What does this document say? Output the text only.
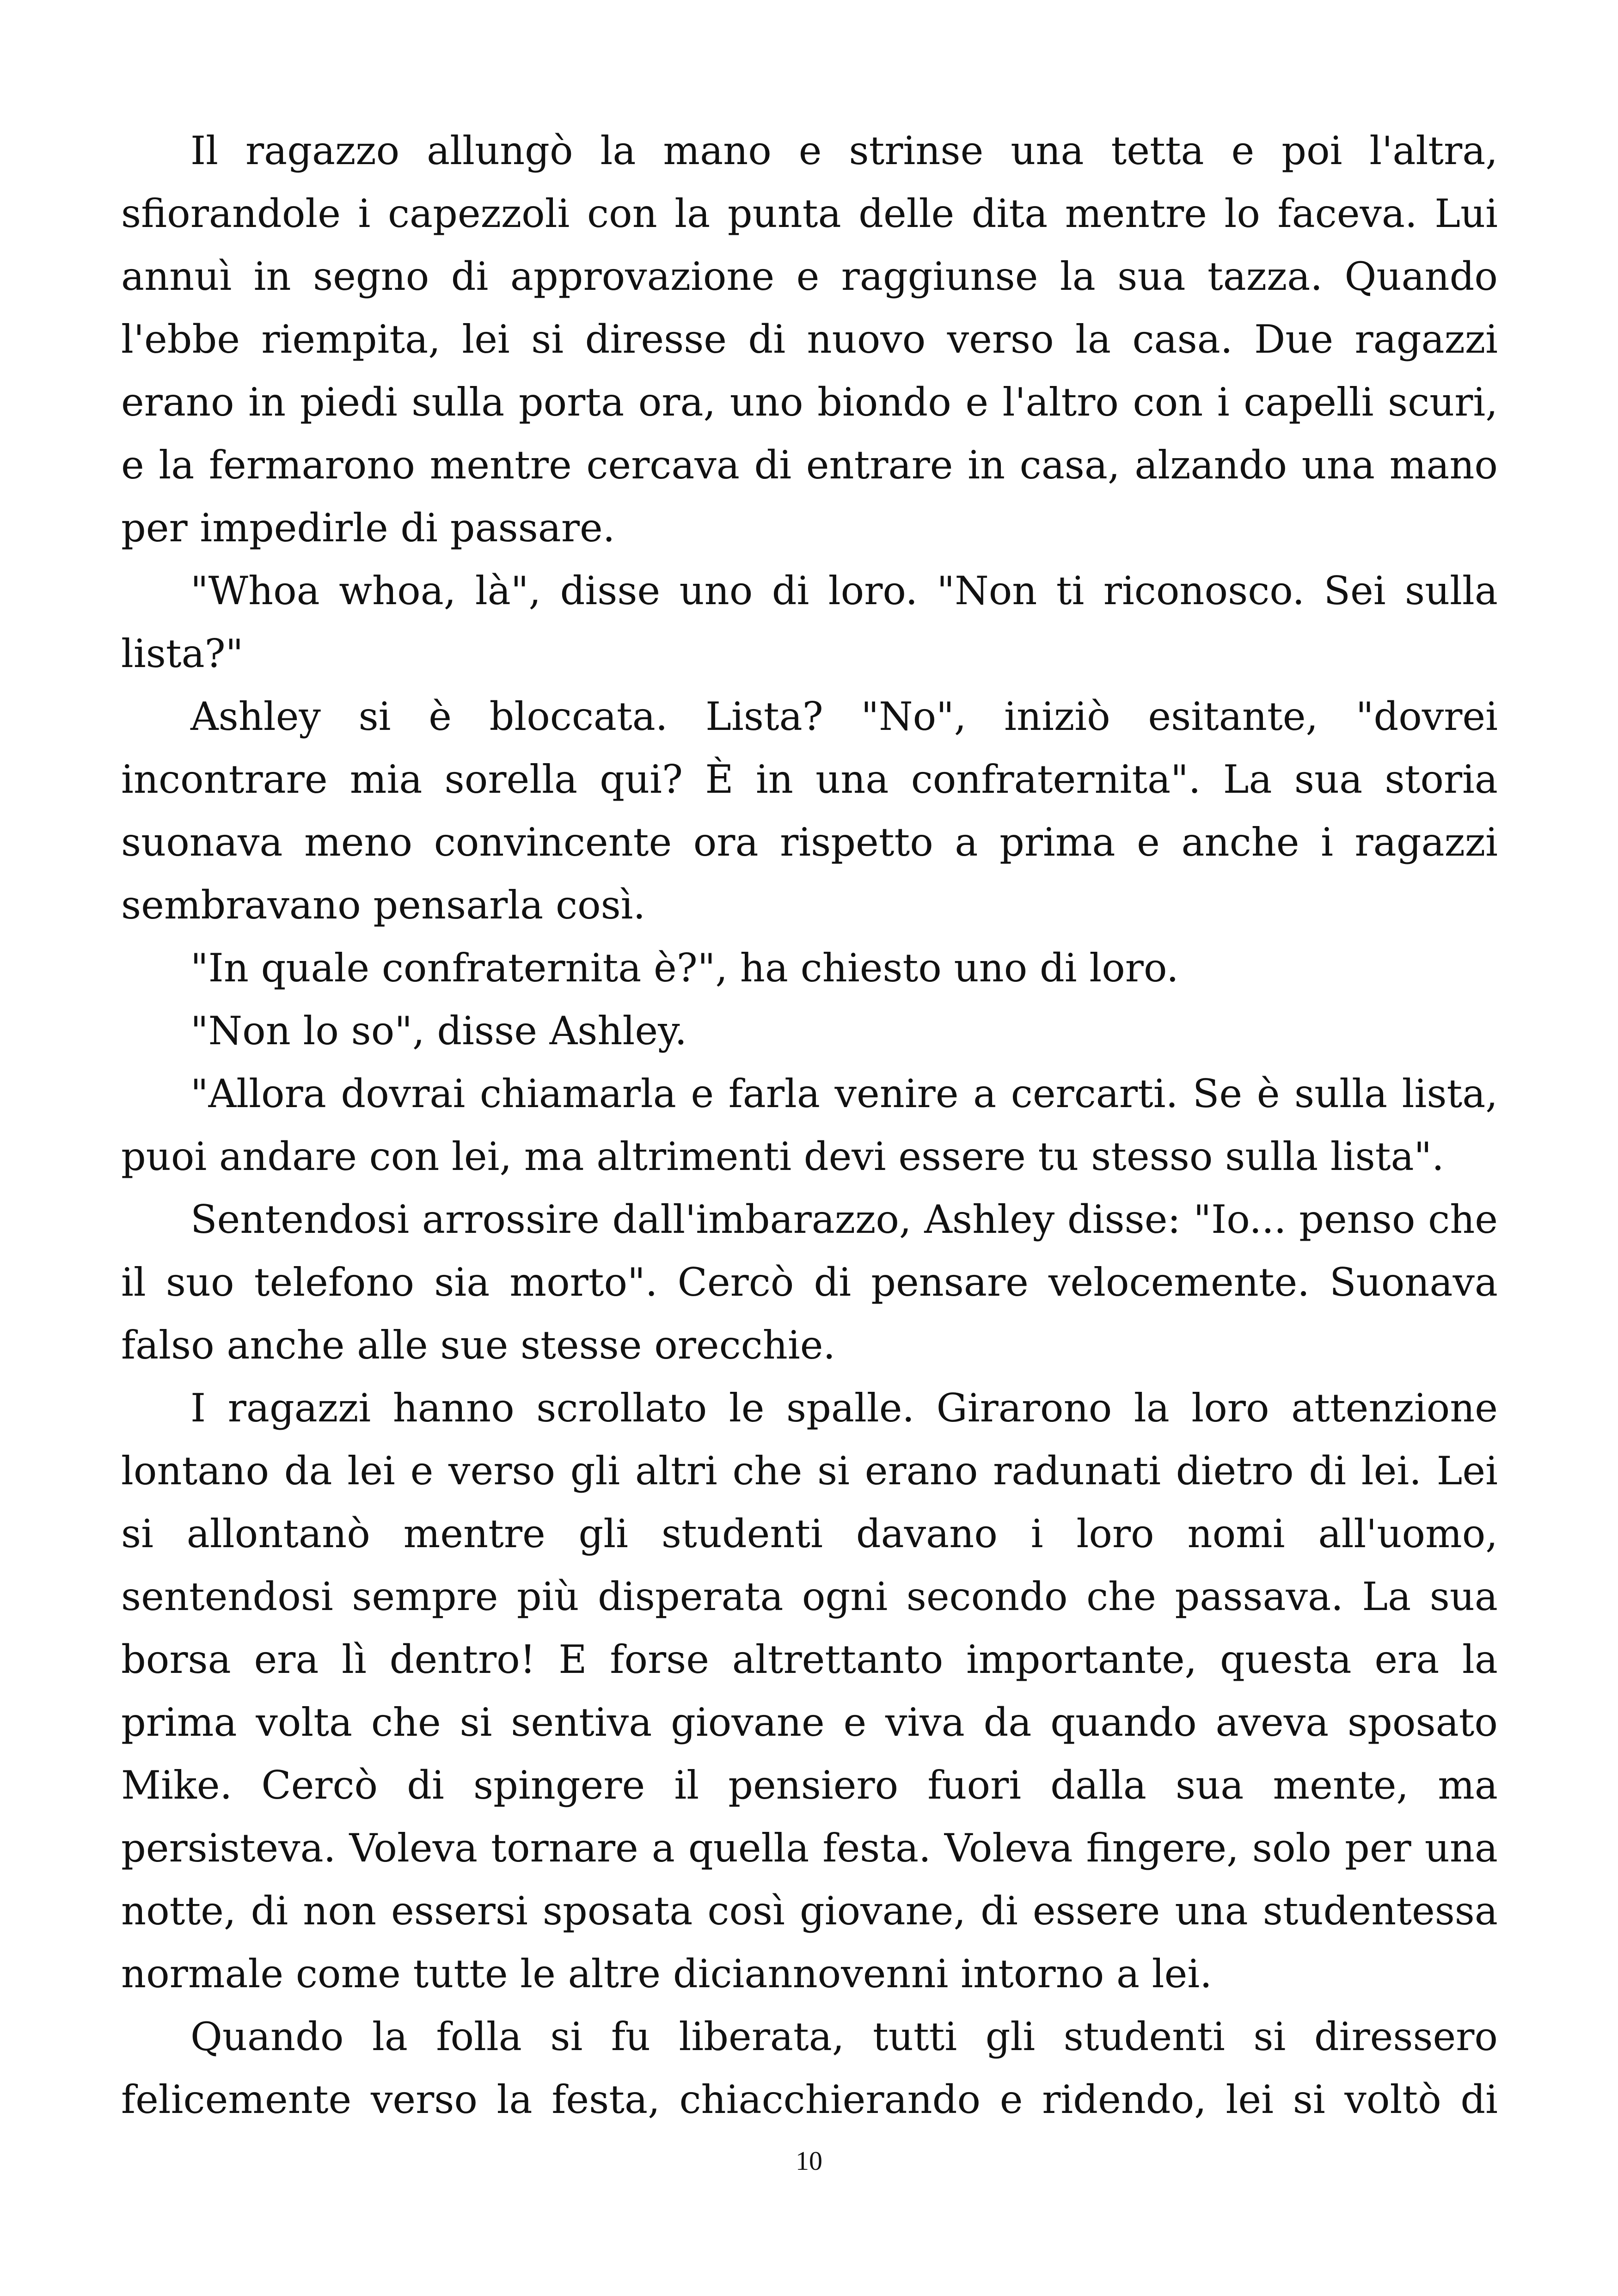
Il ragazzo allungò la mano e strinse una tetta e poi l'altra, sfiorandole i capezzoli con la punta delle dita mentre lo faceva. Lui annuì in segno di approvazione e raggiunse la sua tazza. Quando l'ebbe riempita, lei si diresse di nuovo verso la casa. Due ragazzi erano in piedi sulla porta ora, uno biondo e l'altro con i capelli scuri, e la fermarono mentre cercava di entrare in casa, alzando una mano per impedirle di passare.

"Whoa whoa, là", disse uno di loro. "Non ti riconosco. Sei sulla lista?"

Ashley si è bloccata. Lista? "No", iniziò esitante, "dovrei incontrare mia sorella qui? È in una confraternita". La sua storia suonava meno convincente ora rispetto a prima e anche i ragazzi sembravano pensarla così.

"In quale confraternita è?", ha chiesto uno di loro.

"Non lo so", disse Ashley.

"Allora dovrai chiamarla e farla venire a cercarti. Se è sulla lista, puoi andare con lei, ma altrimenti devi essere tu stesso sulla lista".

Sentendosi arrossire dall'imbarazzo, Ashley disse: "Io... penso che il suo telefono sia morto". Cercò di pensare velocemente. Suonava falso anche alle sue stesse orecchie.

I ragazzi hanno scrollato le spalle. Girarono la loro attenzione lontano da lei e verso gli altri che si erano radunati dietro di lei. Lei si allontanò mentre gli studenti davano i loro nomi all'uomo, sentendosi sempre più disperata ogni secondo che passava. La sua borsa era lì dentro! E forse altrettanto importante, questa era la prima volta che si sentiva giovane e viva da quando aveva sposato Mike. Cercò di spingere il pensiero fuori dalla sua mente, ma persisteva. Voleva tornare a quella festa. Voleva fingere, solo per una notte, di non essersi sposata così giovane, di essere una studentessa normale come tutte le altre diciannovenni intorno a lei.

Quando la folla si fu liberata, tutti gli studenti si diressero felicemente verso la festa, chiacchierando e ridendo, lei si voltò di

10
